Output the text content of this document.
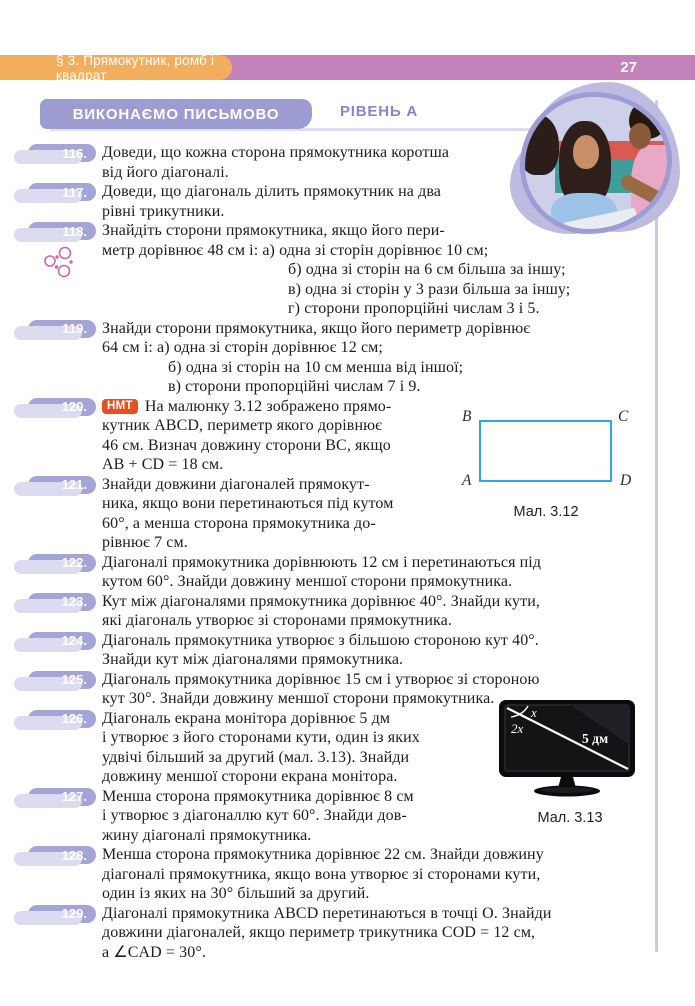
§ 3. Прямокутник, ромб і квадрат	27
ВИКОНАЄМО ПИСЬМОВО	РІВЕНЬ А
116. Доведи, що кожна сторона прямокутника коротша
від його діагоналі.
117. Доведи, що діагональ ділить прямокутник на два
рівні трикутники.
118. Знайдіть сторони прямокутника, якщо його пери-
метр дорівнює 48 см і: а) одна зі сторін дорівнює 10 см;
б) одна зі сторін на 6 см більша за іншу;
в) одна зі сторін у 3 рази більша за іншу;
г) сторони пропорційні числам 3 і 5.
119. Знайди сторони прямокутника, якщо його периметр дорівнює
64 см і: а) одна зі сторін дорівнює 12 см;
б) одна зі сторін на 10 см менша від іншої;
в) сторони пропорційні числам 7 і 9.
120.	НМТ На малюнку 3.12 зображено прямо-
кутник ABCD, периметр якого дорівнює
46 см. Визнач довжину сторони BC, якщо
AB + CD = 18 см.
121. Знайди довжини діагоналей прямокут-
ника, якщо вони перетинаються під кутом
60°, а менша сторона прямокутника до-
рівнює 7 см.
122. Діагоналі прямокутника дорівнюють 12 см і перетинаються під
кутом 60°. Знайди довжину меншої сторони прямокутника.
123. Кут між діагоналями прямокутника дорівнює 40°. Знайди кути,
які діагональ утворює зі сторонами прямокутника.
124. Діагональ прямокутника утворює з більшою стороною кут 40°.
Знайди кут між діагоналями прямокутника.
125. Діагональ прямокутника дорівнює 15 см і утворює зі стороною
кут 30°. Знайди довжину меншої сторони прямокутника.
126. Діагональ екрана монітора дорівнює 5 дм
і утворює з його сторонами кути, один із яких
удвічі більший за другий (мал. 3.13). Знайди
довжину меншої сторони екрана монітора.
127. Менша сторона прямокутника дорівнює 8 см
і утворює з діагоналлю кут 60°. Знайди дов-
жину діагоналі прямокутника.
128. Менша сторона прямокутника дорівнює 22 см. Знайди довжину
діагоналі прямокутника, якщо вона утворює зі сторонами кути,
один із яких на 30° більший за другий.
129. Діагоналі прямокутника ABCD перетинаються в точці O. Знайди
довжини діагоналей, якщо периметр трикутника COD = 12 см,
а ∠CAD = 30°.
B	C
A	D
Мал. 3.12
x
2x
5 дм
Мал. 3.13
